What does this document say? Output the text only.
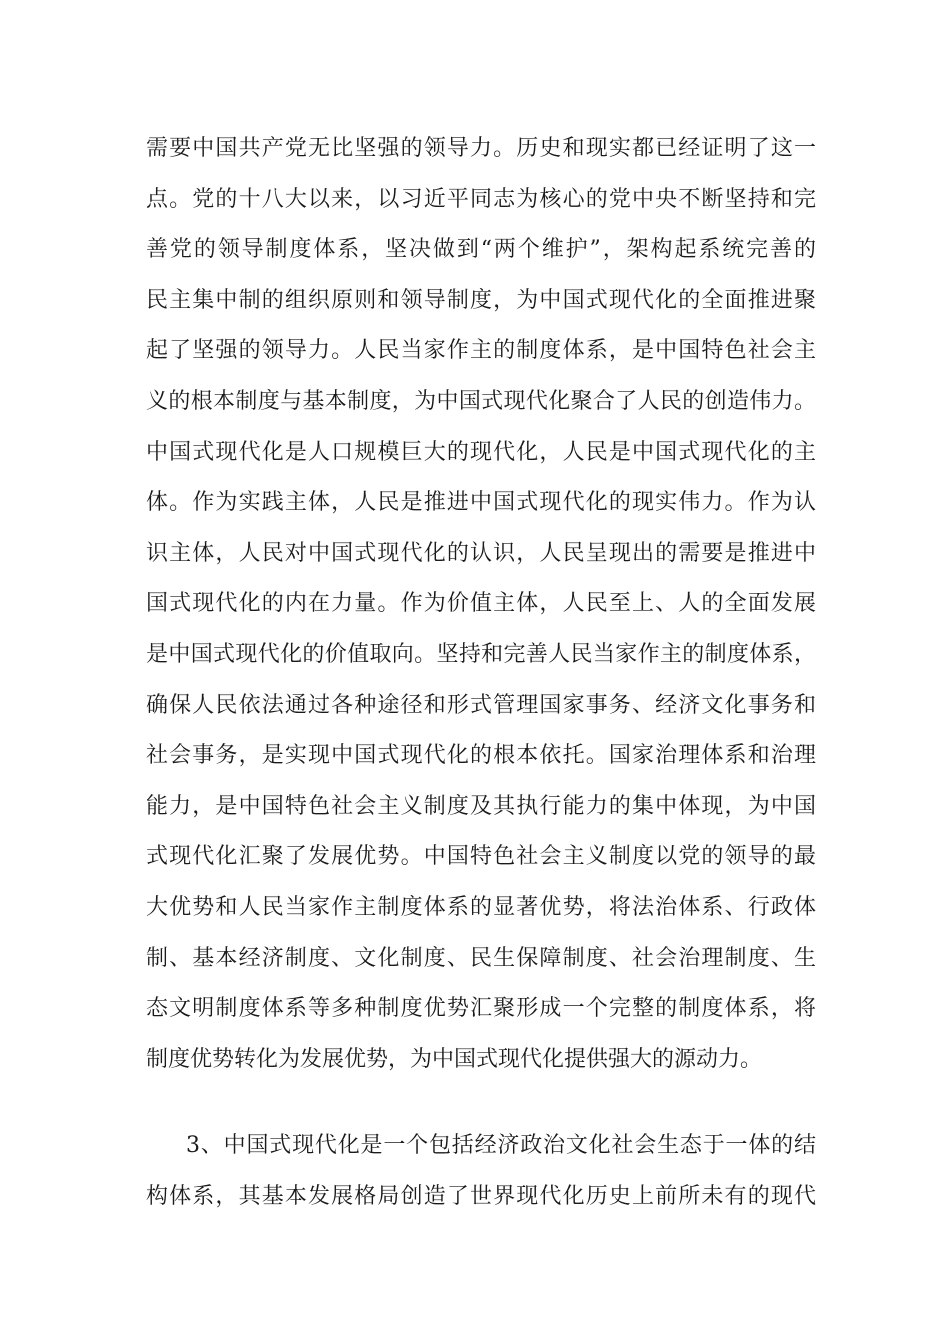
需要中国共产党无比坚强的领导力。历史和现实都已经证明了这一
点。党的十八大以来，以习近平同志为核心的党中央不断坚持和完
善党的领导制度体系，坚决做到“两个维护”，架构起系统完善的
民主集中制的组织原则和领导制度，为中国式现代化的全面推进聚
起了坚强的领导力。人民当家作主的制度体系，是中国特色社会主
义的根本制度与基本制度，为中国式现代化聚合了人民的创造伟力。
中国式现代化是人口规模巨大的现代化，人民是中国式现代化的主
体。作为实践主体，人民是推进中国式现代化的现实伟力。作为认
识主体，人民对中国式现代化的认识，人民呈现出的需要是推进中
国式现代化的内在力量。作为价值主体，人民至上、人的全面发展
是中国式现代化的价值取向。坚持和完善人民当家作主的制度体系，
确保人民依法通过各种途径和形式管理国家事务、经济文化事务和
社会事务，是实现中国式现代化的根本依托。国家治理体系和治理
能力，是中国特色社会主义制度及其执行能力的集中体现，为中国
式现代化汇聚了发展优势。中国特色社会主义制度以党的领导的最
大优势和人民当家作主制度体系的显著优势，将法治体系、行政体
制、基本经济制度、文化制度、民生保障制度、社会治理制度、生
态文明制度体系等多种制度优势汇聚形成一个完整的制度体系，将
制度优势转化为发展优势，为中国式现代化提供强大的源动力。

3、中国式现代化是一个包括经济政治文化社会生态于一体的结
构体系，其基本发展格局创造了世界现代化历史上前所未有的现代
